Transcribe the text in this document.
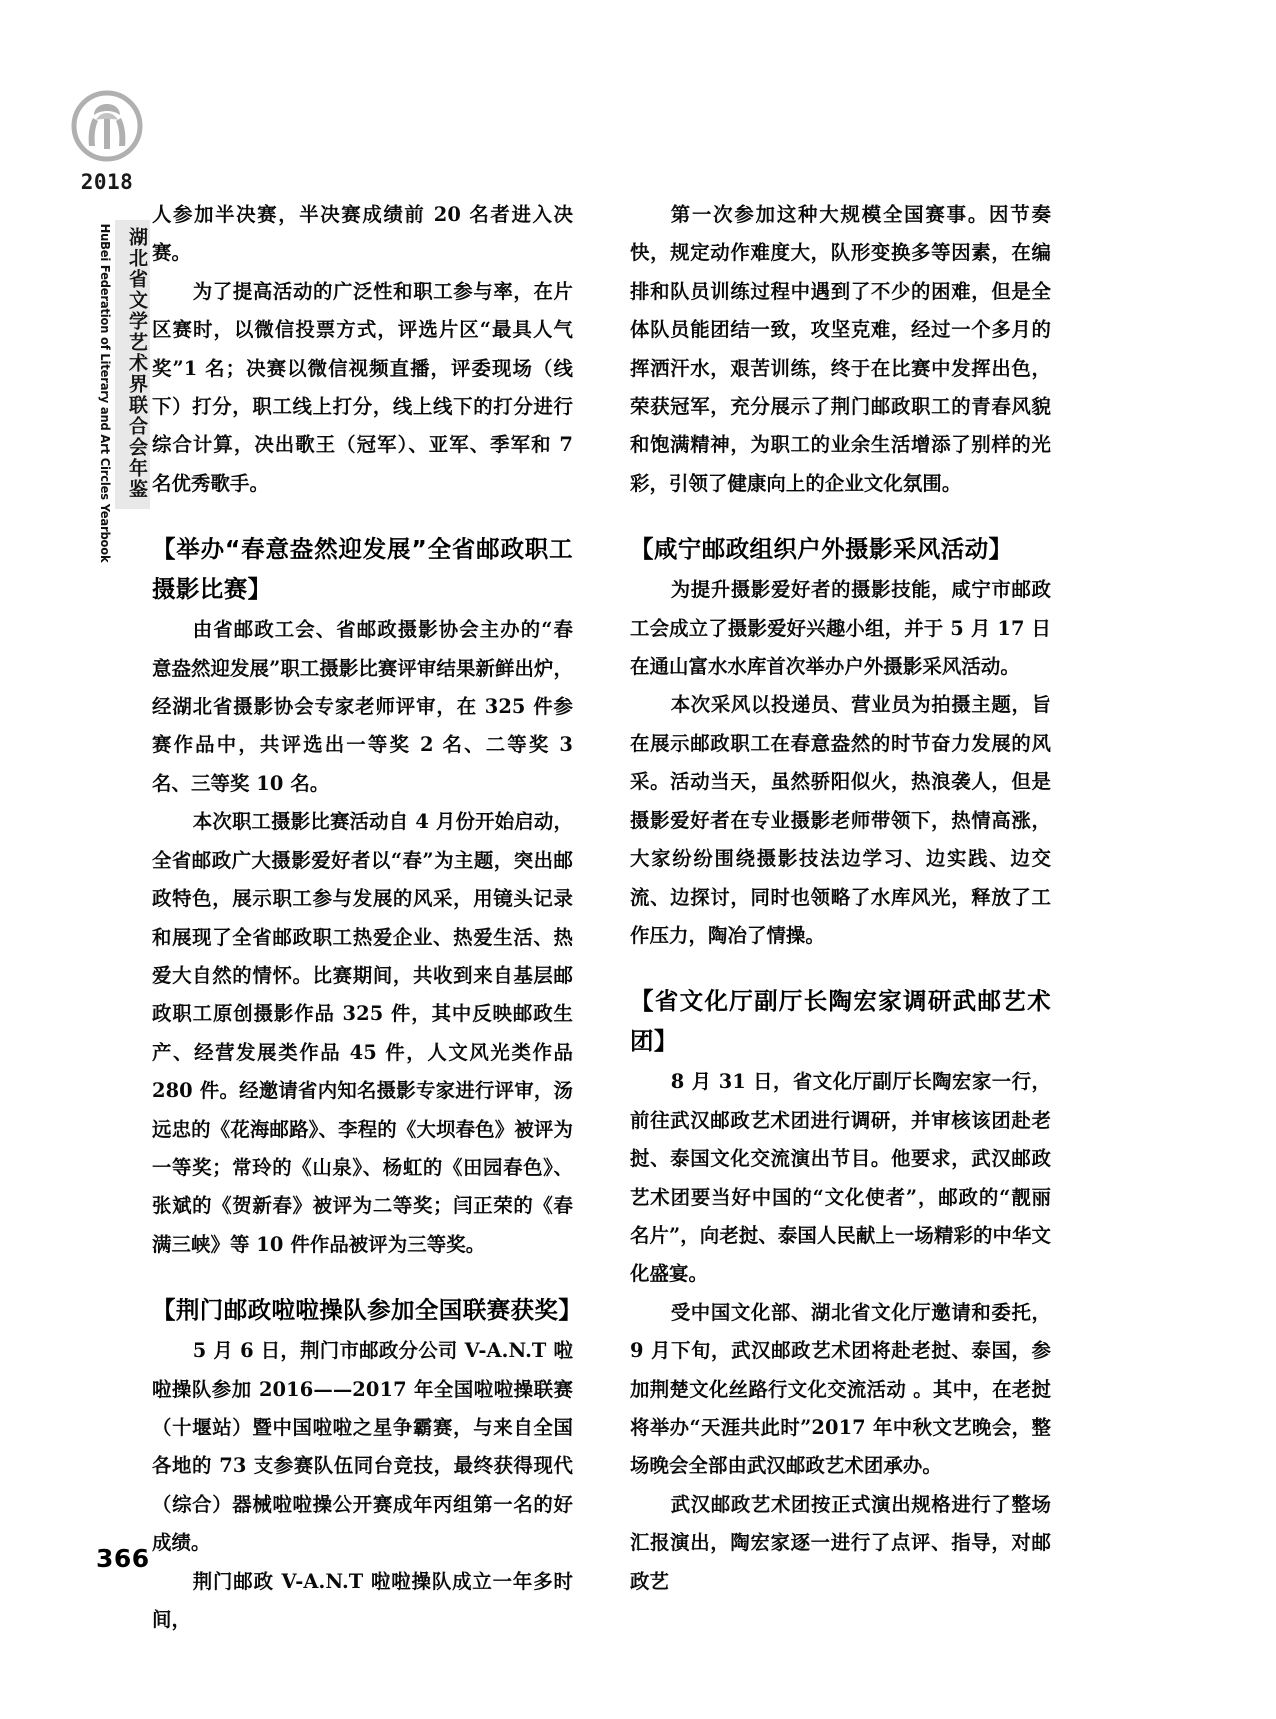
2018
湖北省文学艺术界联合会年鉴
HuBei Federation of Literary and Art Circles Yearbook

人参加半决赛，半决赛成绩前 20 名者进入决赛。

为了提高活动的广泛性和职工参与率，在片区赛时，以微信投票方式，评选片区“最具人气奖”1 名；决赛以微信视频直播，评委现场（线下）打分，职工线上打分，线上线下的打分进行综合计算，决出歌王（冠军）、亚军、季军和 7 名优秀歌手。

【举办“春意盎然迎发展”全省邮政职工摄影比赛】

由省邮政工会、省邮政摄影协会主办的“春意盎然迎发展”职工摄影比赛评审结果新鲜出炉，经湖北省摄影协会专家老师评审，在 325 件参赛作品中，共评选出一等奖 2 名、二等奖 3 名、三等奖 10 名。

本次职工摄影比赛活动自 4 月份开始启动，全省邮政广大摄影爱好者以“春”为主题，突出邮政特色，展示职工参与发展的风采，用镜头记录和展现了全省邮政职工热爱企业、热爱生活、热爱大自然的情怀。比赛期间，共收到来自基层邮政职工原创摄影作品 325 件，其中反映邮政生产、经营发展类作品 45 件，人文风光类作品 280 件。经邀请省内知名摄影专家进行评审，汤远忠的《花海邮路》、李程的《大坝春色》被评为一等奖；常玲的《山泉》、杨虹的《田园春色》、张斌的《贺新春》被评为二等奖；闫正荣的《春满三峡》等 10 件作品被评为三等奖。

【荆门邮政啦啦操队参加全国联赛获奖】

5 月 6 日，荆门市邮政分公司 V-A.N.T 啦啦操队参加 2016——2017 年全国啦啦操联赛（十堰站）暨中国啦啦之星争霸赛，与来自全国各地的 73 支参赛队伍同台竞技，最终获得现代（综合）器械啦啦操公开赛成年丙组第一名的好成绩。

荆门邮政 V-A.N.T 啦啦操队成立一年多时间，

第一次参加这种大规模全国赛事。因节奏快，规定动作难度大，队形变换多等因素，在编排和队员训练过程中遇到了不少的困难，但是全体队员能团结一致，攻坚克难，经过一个多月的挥洒汗水，艰苦训练，终于在比赛中发挥出色，荣获冠军，充分展示了荆门邮政职工的青春风貌和饱满精神，为职工的业余生活增添了别样的光彩，引领了健康向上的企业文化氛围。

【咸宁邮政组织户外摄影采风活动】

为提升摄影爱好者的摄影技能，咸宁市邮政工会成立了摄影爱好兴趣小组，并于 5 月 17 日在通山富水水库首次举办户外摄影采风活动。

本次采风以投递员、营业员为拍摄主题，旨在展示邮政职工在春意盎然的时节奋力发展的风采。活动当天，虽然骄阳似火，热浪袭人，但是摄影爱好者在专业摄影老师带领下，热情高涨，大家纷纷围绕摄影技法边学习、边实践、边交流、边探讨，同时也领略了水库风光，释放了工作压力，陶冶了情操。

【省文化厅副厅长陶宏家调研武邮艺术团】

8 月 31 日，省文化厅副厅长陶宏家一行，前往武汉邮政艺术团进行调研，并审核该团赴老挝、泰国文化交流演出节目。他要求，武汉邮政艺术团要当好中国的“文化使者”，邮政的“靓丽名片”，向老挝、泰国人民献上一场精彩的中华文化盛宴。

受中国文化部、湖北省文化厅邀请和委托，9 月下旬，武汉邮政艺术团将赴老挝、泰国，参加荆楚文化丝路行文化交流活动 。其中，在老挝将举办“天涯共此时”2017 年中秋文艺晚会，整场晚会全部由武汉邮政艺术团承办。

武汉邮政艺术团按正式演出规格进行了整场汇报演出，陶宏家逐一进行了点评、指导，对邮政艺

366
